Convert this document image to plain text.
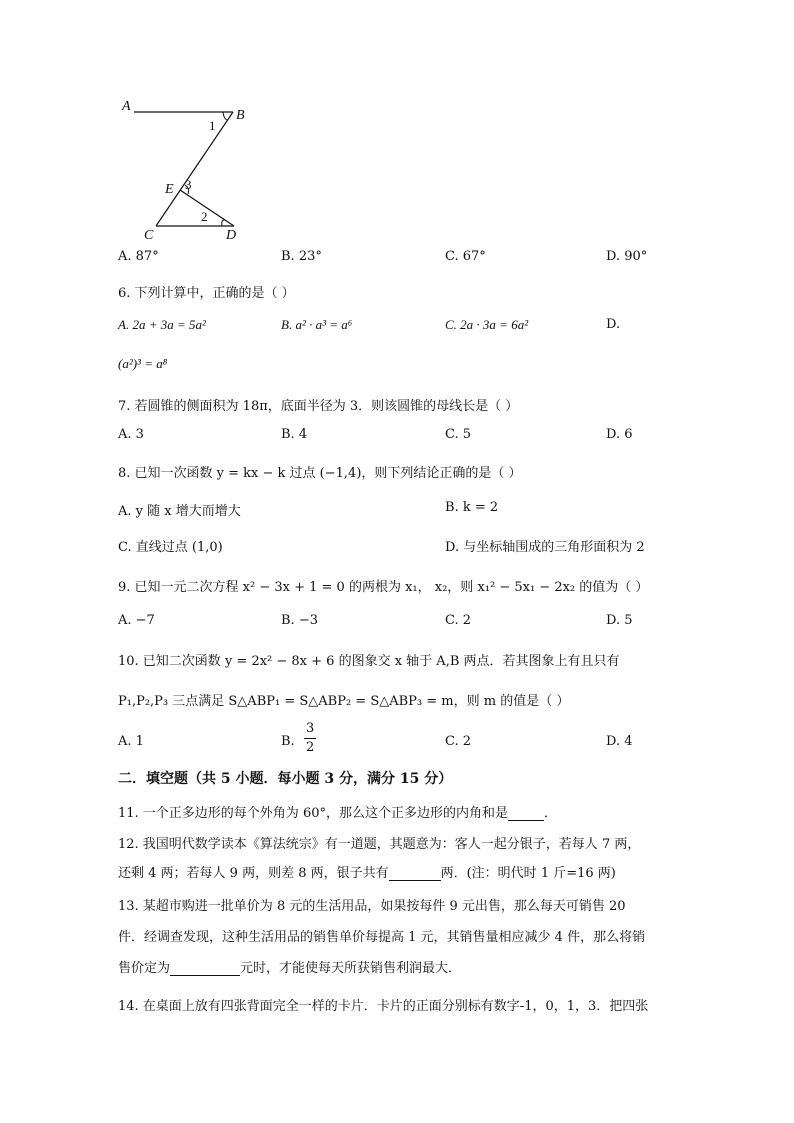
A
B
C	D
E
1
2
3
A. 87°	B. 23°	C. 67°	D. 90°
6. 下列计算中，正确的是（ ）
A. 2a + 3a = 5a²	B. a² · a³ = a⁶	C. 2a · 3a = 6a²	D.
(a²)³ = a⁸
7. 若圆锥的侧面积为 18π，底面半径为 3．则该圆锥的母线长是（ ）
A. 3	B. 4	C. 5	D. 6
8. 已知一次函数 y = kx − k 过点 (−1,4)，则下列结论正确的是（ ）
A. y 随 x 增大而增大	B. k = 2
C. 直线过点 (1,0)	D. 与坐标轴围成的三角形面积为 2
9. 已知一元二次方程 x² − 3x + 1 = 0 的两根为 x₁， x₂，则 x₁² − 5x₁ − 2x₂ 的值为（ ）
A. −7	B. −3	C. 2	D. 5
10. 已知二次函数 y = 2x² − 8x + 6 的图象交 x 轴于 A,B 两点．若其图象上有且只有
P₁,P₂,P₃ 三点满足 S△ABP₁ = S△ABP₂ = S△ABP₃ = m，则 m 的值是（ ）
A. 1	B. $\frac{3}{2}$	C. 2	D. 4
二．填空题（共 5 小题．每小题 3 分，满分 15 分）
11. 一个正多边形的每个外角为 60°，那么这个正多边形的内角和是	．
12. 我国明代数学读本《算法统宗》有一道题，其题意为：客人一起分银子，若每人 7 两，
还剩 4 两；若每人 9 两，则差 8 两，银子共有	两．(注：明代时 1 斤=16 两)
13. 某超市购进一批单价为 8 元的生活用品，如果按每件 9 元出售，那么每天可销售 20
件．经调查发现，这种生活用品的销售单价每提高 1 元，其销售量相应减少 4 件，那么将销
售价定为	元时，才能使每天所获销售利润最大．
14. 在桌面上放有四张背面完全一样的卡片．卡片的正面分别标有数字-1，0，1，3．把四张
